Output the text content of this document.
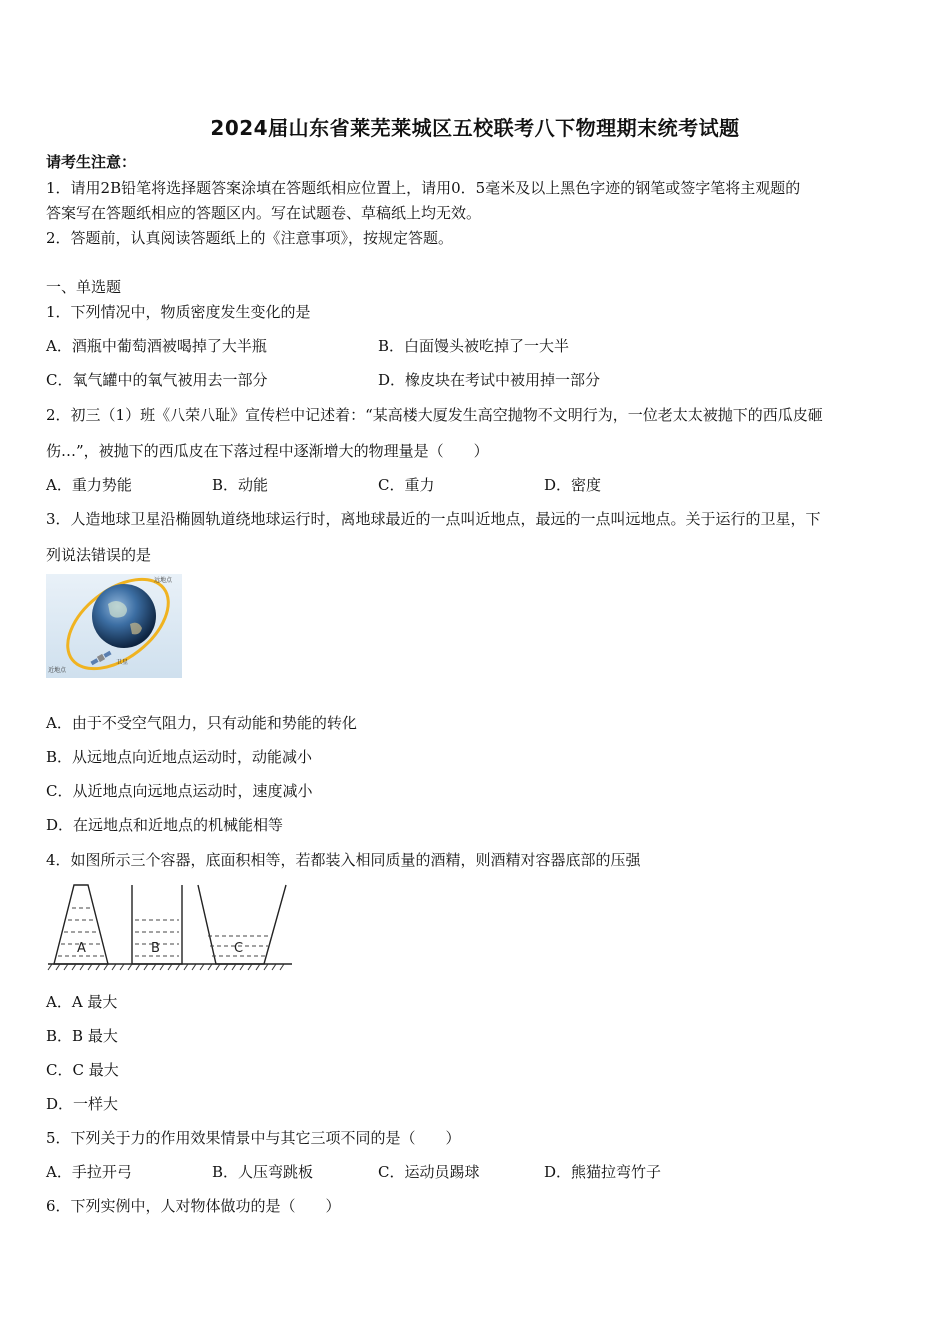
2024届山东省莱芜莱城区五校联考八下物理期末统考试题
请考生注意：
1．请用2B铅笔将选择题答案涂填在答题纸相应位置上，请用0．5毫米及以上黑色字迹的钢笔或签字笔将主观题的
答案写在答题纸相应的答题区内。写在试题卷、草稿纸上均无效。
2．答题前，认真阅读答题纸上的《注意事项》，按规定答题。
一、单选题
1．下列情况中，物质密度发生变化的是
A．酒瓶中葡萄酒被喝掉了大半瓶	B．白面馒头被吃掉了一大半
C．氧气罐中的氧气被用去一部分	D．橡皮块在考试中被用掉一部分
2．初三（1）班《八荣八耻》宣传栏中记述着：“某高楼大厦发生高空抛物不文明行为，一位老太太被抛下的西瓜皮砸
伤…”，被抛下的西瓜皮在下落过程中逐渐增大的物理量是（　　）
A．重力势能	B．动能	C．重力	D．密度
3．人造地球卫星沿椭圆轨道绕地球运行时，离地球最近的一点叫近地点，最远的一点叫远地点。关于运行的卫星，下
列说法错误的是
远地点
近地点
卫星
A．由于不受空气阻力，只有动能和势能的转化
B．从远地点向近地点运动时，动能减小
C．从近地点向远地点运动时，速度减小
D．在远地点和近地点的机械能相等
4．如图所示三个容器，底面积相等，若都装入相同质量的酒精，则酒精对容器底部的压强
A	B	C
A．A 最大
B．B 最大
C．C 最大
D．一样大
5．下列关于力的作用效果情景中与其它三项不同的是（　　）
A．手拉开弓	B．人压弯跳板	C．运动员踢球	D．熊猫拉弯竹子
6．下列实例中，人对物体做功的是（　　）
